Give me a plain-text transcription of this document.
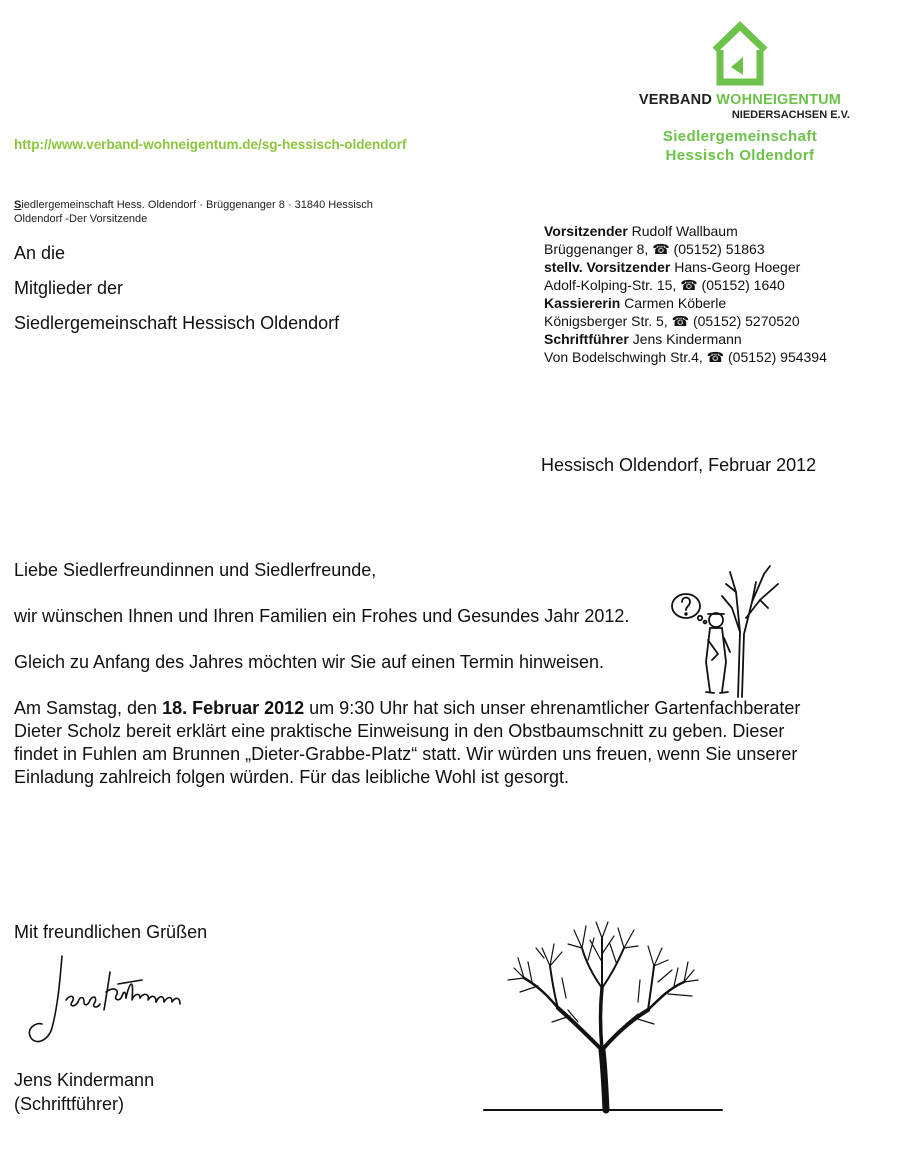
VERBAND WOHNEIGENTUM
NIEDERSACHSEN E.V.
Siedlergemeinschaft
Hessisch Oldendorf
http://www.verband-wohneigentum.de/sg-hessisch-oldendorf
Siedlergemeinschaft Hess. Oldendorf · Brüggenanger 8 · 31840 Hessisch Oldendorf -Der Vorsitzende
An die
Mitglieder der
Siedlergemeinschaft Hessisch Oldendorf
Vorsitzender Rudolf Wallbaum
Brüggenanger 8, ☎ (05152) 51863
stellv. Vorsitzender Hans-Georg Hoeger
Adolf-Kolping-Str. 15, ☎ (05152) 1640
Kassiererin Carmen Köberle
Königsberger Str. 5, ☎ (05152) 5270520
Schriftführer Jens Kindermann
Von Bodelschwingh Str.4, ☎ (05152) 954394
Hessisch Oldendorf, Februar 2012

Liebe Siedlerfreundinnen und Siedlerfreunde,

wir wünschen Ihnen und Ihren Familien ein Frohes und Gesundes Jahr 2012.

Gleich zu Anfang des Jahres möchten wir Sie auf einen Termin hinweisen.

Am Samstag, den 18. Februar 2012 um 9:30 Uhr hat sich unser ehrenamtlicher Gartenfachberater Dieter Scholz bereit erklärt eine praktische Einweisung in den Obstbaumschnitt zu geben. Dieser findet in Fuhlen am Brunnen „Dieter-Grabbe-Platz“ statt. Wir würden uns freuen, wenn Sie unserer Einladung zahlreich folgen würden. Für das leibliche Wohl ist gesorgt.

Mit freundlichen Grüßen
Jens Kindermann
(Schriftführer)
